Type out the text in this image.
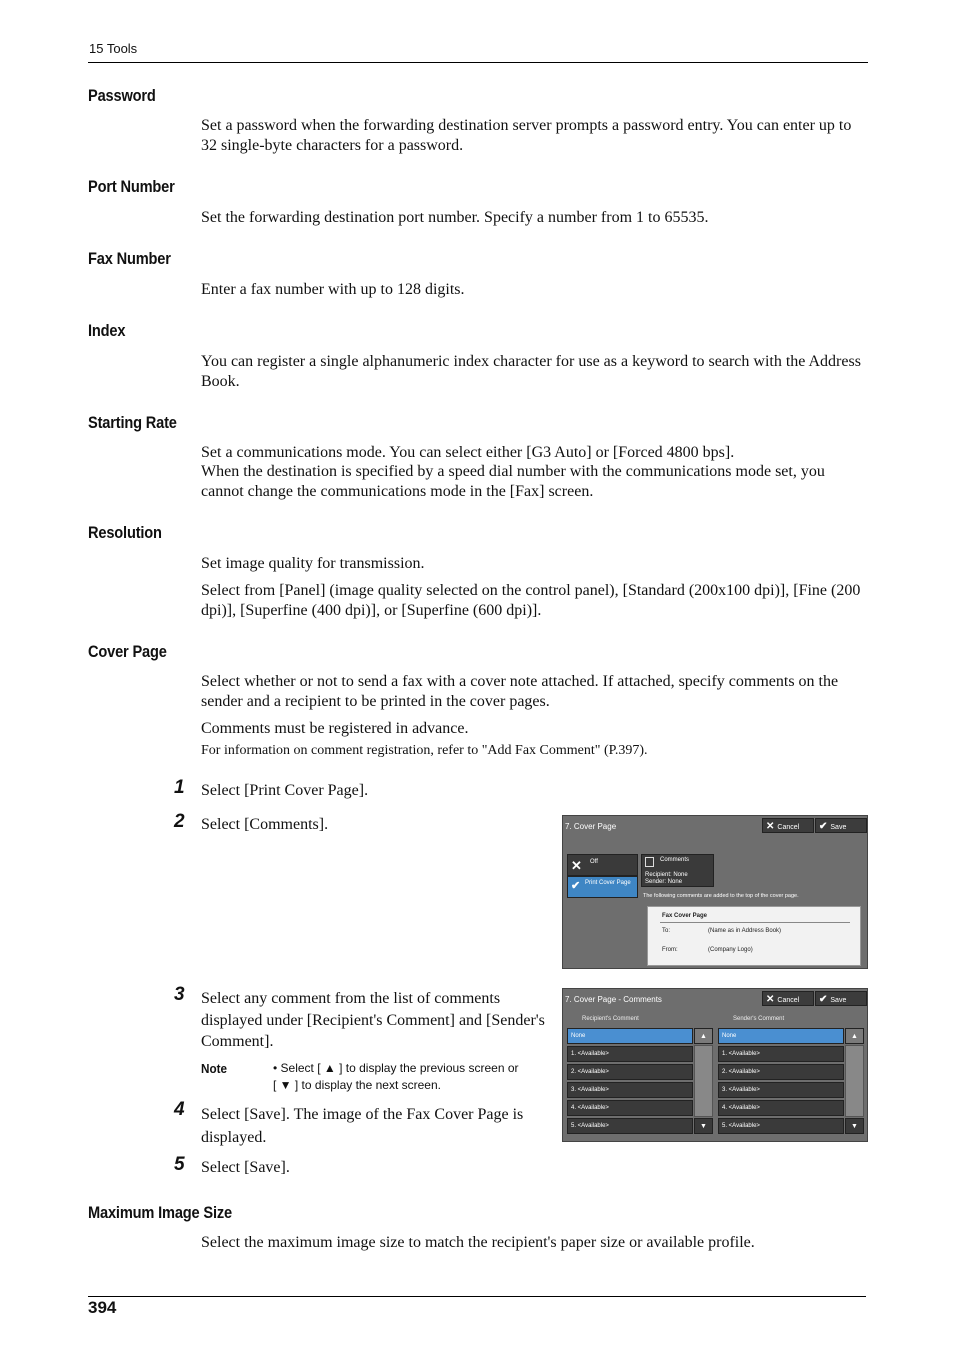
15 Tools
Password
Set a password when the forwarding destination server prompts a password entry. You can enter up to 32 single-byte characters for a password.
Port Number
Set the forwarding destination port number. Specify a number from 1 to 65535.
Fax Number
Enter a fax number with up to 128 digits.
Index
You can register a single alphanumeric index character for use as a keyword to search with the Address Book.
Starting Rate
Set a communications mode. You can select either [G3 Auto] or [Forced 4800 bps].
When the destination is specified by a speed dial number with the communications mode set, you cannot change the communications mode in the [Fax] screen.
Resolution
Set image quality for transmission.
Select from [Panel] (image quality selected on the control panel), [Standard (200x100 dpi)], [Fine (200 dpi)], [Superfine (400 dpi)], or [Superfine (600 dpi)].
Cover Page
Select whether or not to send a fax with a cover note attached. If attached, specify comments on the sender and a recipient to be printed in the cover pages.
Comments must be registered in advance.
For information on comment registration, refer to "Add Fax Comment" (P.397).
1 Select [Print Cover Page].
2 Select [Comments].
3 Select any comment from the list of comments displayed under [Recipient's Comment] and [Sender's Comment].
Note	• Select [ ▲ ] to display the previous screen or
[ ▼ ] to display the next screen.
4 Select [Save]. The image of the Fax Cover Page is displayed.
5 Select [Save].
7. Cover Page	✕ Cancel	✔ Save
✕ Off
✔ Print Cover Page
Comments
Recipient: None
Sender: None
The following comments are added to the top of the cover page.
Fax Cover Page
To:	(Name as in Address Book)
From:	(Company Logo)
7. Cover Page - Comments	✕ Cancel	✔ Save
Recipient's Comment	Sender's Comment
None
1. <Available>
2. <Available>
3. <Available>
4. <Available>
5. <Available>
▲
▼
None
1. <Available>
2. <Available>
3. <Available>
4. <Available>
5. <Available>
▲
▼
Maximum Image Size
Select the maximum image size to match the recipient's paper size or available profile.
394
